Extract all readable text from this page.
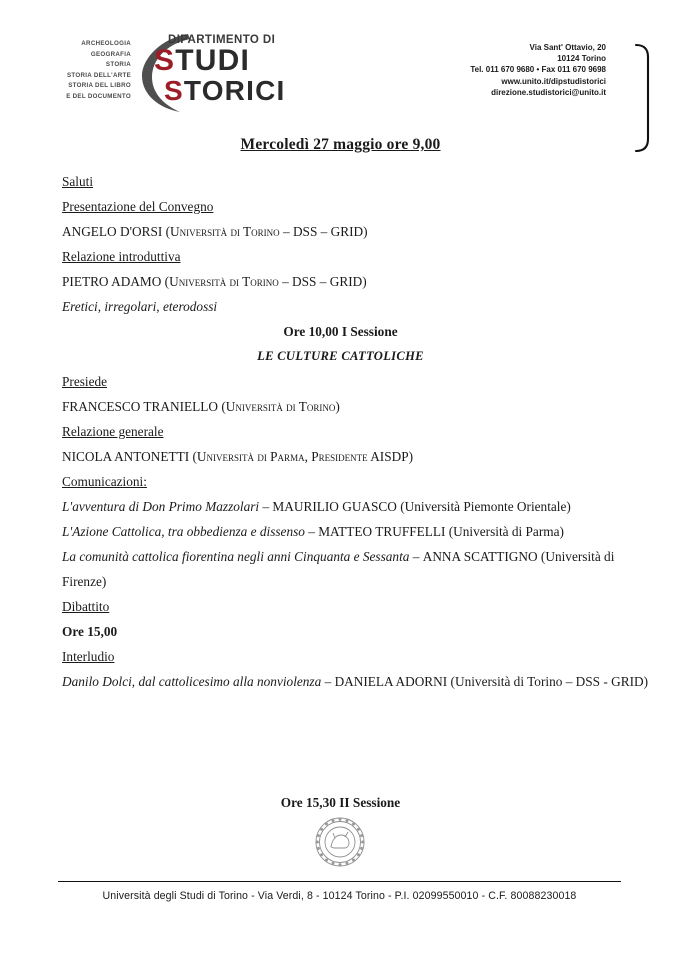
ARCHEOLOGIA
GEOGRAFIA
STORIA
STORIA DELL'ARTE
STORIA DEL LIBRO
E DEL DOCUMENTO
DIPARTIMENTO DI
STUDI
STORICI
Via Sant' Ottavio, 20
10124 Torino
Tel. 011 670 9680 • Fax 011 670 9698
www.unito.it/dipstudistorici
direzione.studistorici@unito.it
Mercoledì 27 maggio ore 9,00
Saluti
Presentazione del Convegno
ANGELO D'ORSI (Università di Torino – DSS – GRID)
Relazione introduttiva
PIETRO ADAMO (Università di Torino – DSS – GRID)
Eretici, irregolari, eterodossi
Ore 10,00 I Sessione
LE CULTURE CATTOLICHE
Presiede
FRANCESCO TRANIELLO (Università di Torino)
Relazione generale
NICOLA ANTONETTI (Università di Parma, Presidente AISDP)
Comunicazioni:
L'avventura di Don Primo Mazzolari – MAURILIO GUASCO (Università Piemonte Orientale)
L'Azione Cattolica, tra obbedienza e dissenso – MATTEO TRUFFELLI (Università di Parma)
La comunità cattolica fiorentina negli anni Cinquanta e Sessanta – ANNA SCATTIGNO (Università di Firenze)
Dibattito
Ore 15,00
Interludio
Danilo Dolci, dal cattolicesimo alla nonviolenza – DANIELA ADORNI (Università di Torino – DSS - GRID)
Ore 15,30 II Sessione
Università degli Studi di Torino - Via Verdi, 8 - 10124 Torino - P.I. 02099550010 - C.F. 80088230018
